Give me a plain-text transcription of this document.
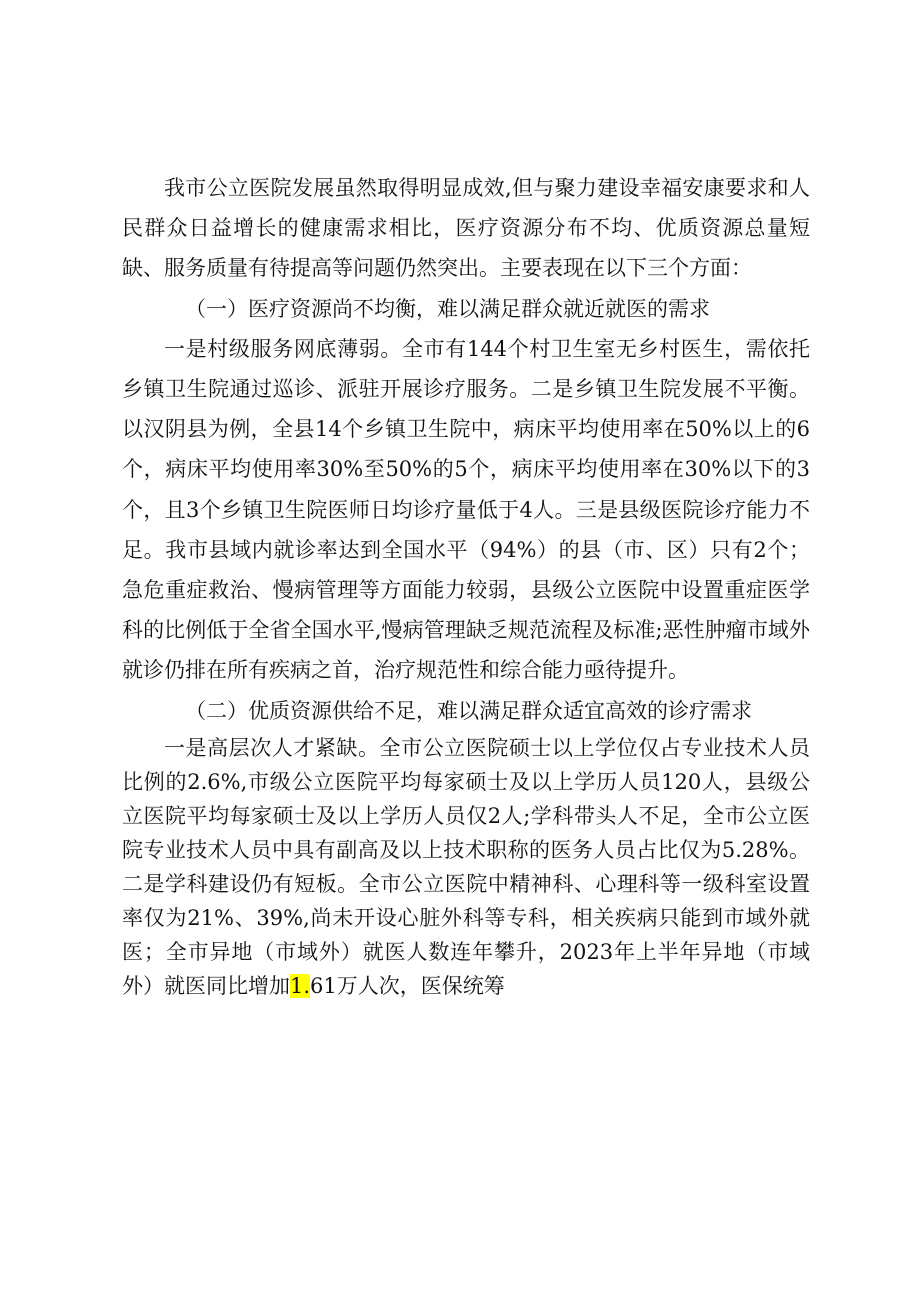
我市公立医院发展虽然取得明显成效,但与聚力建设幸福安康要求和人民群众日益增长的健康需求相比，医疗资源分布不均、优质资源总量短缺、服务质量有待提高等问题仍然突出。主要表现在以下三个方面：

（一）医疗资源尚不均衡，难以满足群众就近就医的需求

一是村级服务网底薄弱。全市有144个村卫生室无乡村医生，需依托乡镇卫生院通过巡诊、派驻开展诊疗服务。二是乡镇卫生院发展不平衡。以汉阴县为例，全县14个乡镇卫生院中，病床平均使用率在50%以上的6个，病床平均使用率30%至50%的5个，病床平均使用率在30%以下的3个，且3个乡镇卫生院医师日均诊疗量低于4人。三是县级医院诊疗能力不足。我市县域内就诊率达到全国水平（94%）的县（市、区）只有2个；急危重症救治、慢病管理等方面能力较弱，县级公立医院中设置重症医学科的比例低于全省全国水平,慢病管理缺乏规范流程及标准;恶性肿瘤市域外就诊仍排在所有疾病之首，治疗规范性和综合能力亟待提升。

（二）优质资源供给不足，难以满足群众适宜高效的诊疗需求

一是高层次人才紧缺。全市公立医院硕士以上学位仅占专业技术人员比例的2.6%,市级公立医院平均每家硕士及以上学历人员120人，县级公立医院平均每家硕士及以上学历人员仅2人;学科带头人不足，全市公立医院专业技术人员中具有副高及以上技术职称的医务人员占比仅为5.28%。二是学科建设仍有短板。全市公立医院中精神科、心理科等一级科室设置率仅为21%、39%,尚未开设心脏外科等专科，相关疾病只能到市域外就医；全市异地（市域外）就医人数连年攀升，2023年上半年异地（市域外）就医同比增加1.61万人次，医保统筹
